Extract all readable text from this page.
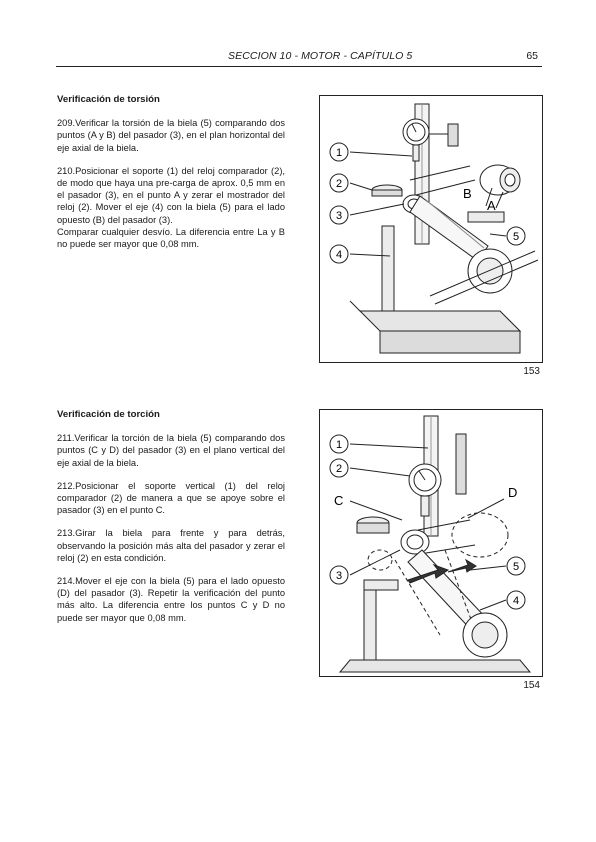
SECCION 10 - MOTOR - CAPÍTULO 5	65
Verificación de torsión

209.Verificar la torsión de la biela (5) comparando dos puntos (A y B) del pasador (3), en el plan horizontal del eje axial de la biela.

210.Posicionar el soporte (1) del reloj comparador (2), de modo que haya una pre-carga de aprox. 0,5 mm en el pasador (3), en el punto A y zerar el mostrador del reloj (2). Mover el eje (4) con la biela (5) para el lado opuesto (B) del pasador (3).

Comparar cualquier desvío. La diferencia entre La y B no puede ser mayor que 0,08 mm.

1
2
3
4
5
B
A
153
Verificación de torción

211.Verificar la torción de la biela (5) comparando dos puntos (C y D) del pasador (3) en el plano vertical del eje axial de la biela.

212.Posicionar el soporte vertical (1) del reloj comparador (2) de manera a que se apoye sobre el pasador (3) en el punto C.

213.Girar la biela para frente y para detrás, observando la posición más alta del pasador y zerar el reloj (2) en esta condición.

214.Mover el eje con la biela (5) para el lado opuesto (D) del pasador (3). Repetir la verificación del punto más alto. La diferencia entre los puntos C y D no puede ser mayor que 0,08 mm.

1
2
3
5
4
C
D
154
